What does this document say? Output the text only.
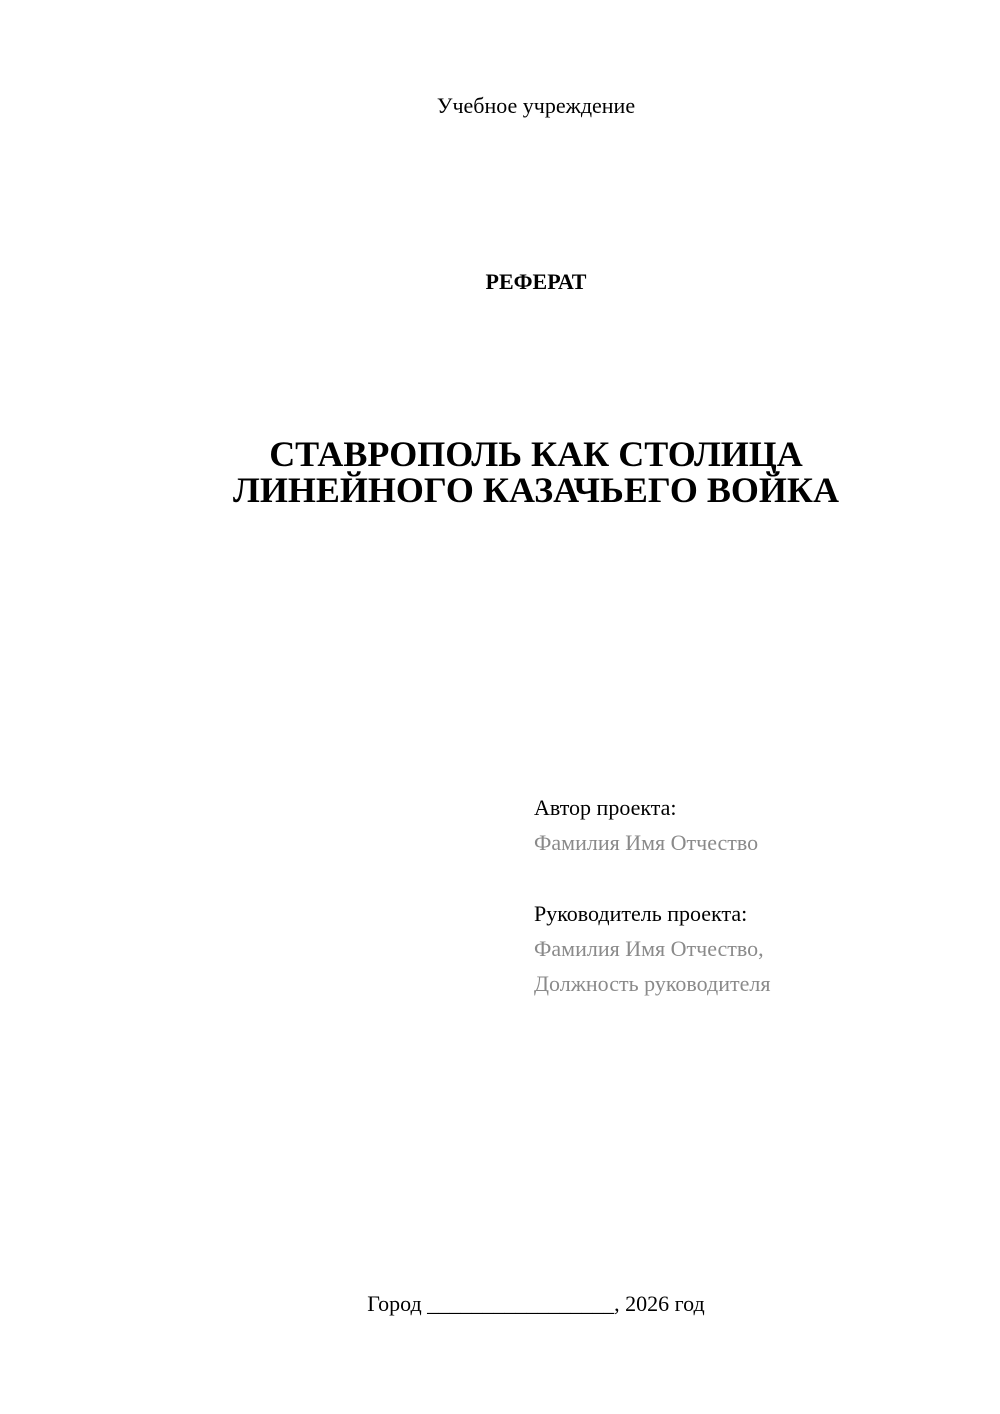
Учебное учреждение
РЕФЕРАТ
СТАВРОПОЛЬ КАК СТОЛИЦА
ЛИНЕЙНОГО КАЗАЧЬЕГО ВОЙКА
Автор проекта:
Фамилия Имя Отчество
Руководитель проекта:
Фамилия Имя Отчество,
Должность руководителя
Город _________________, 2026 год
